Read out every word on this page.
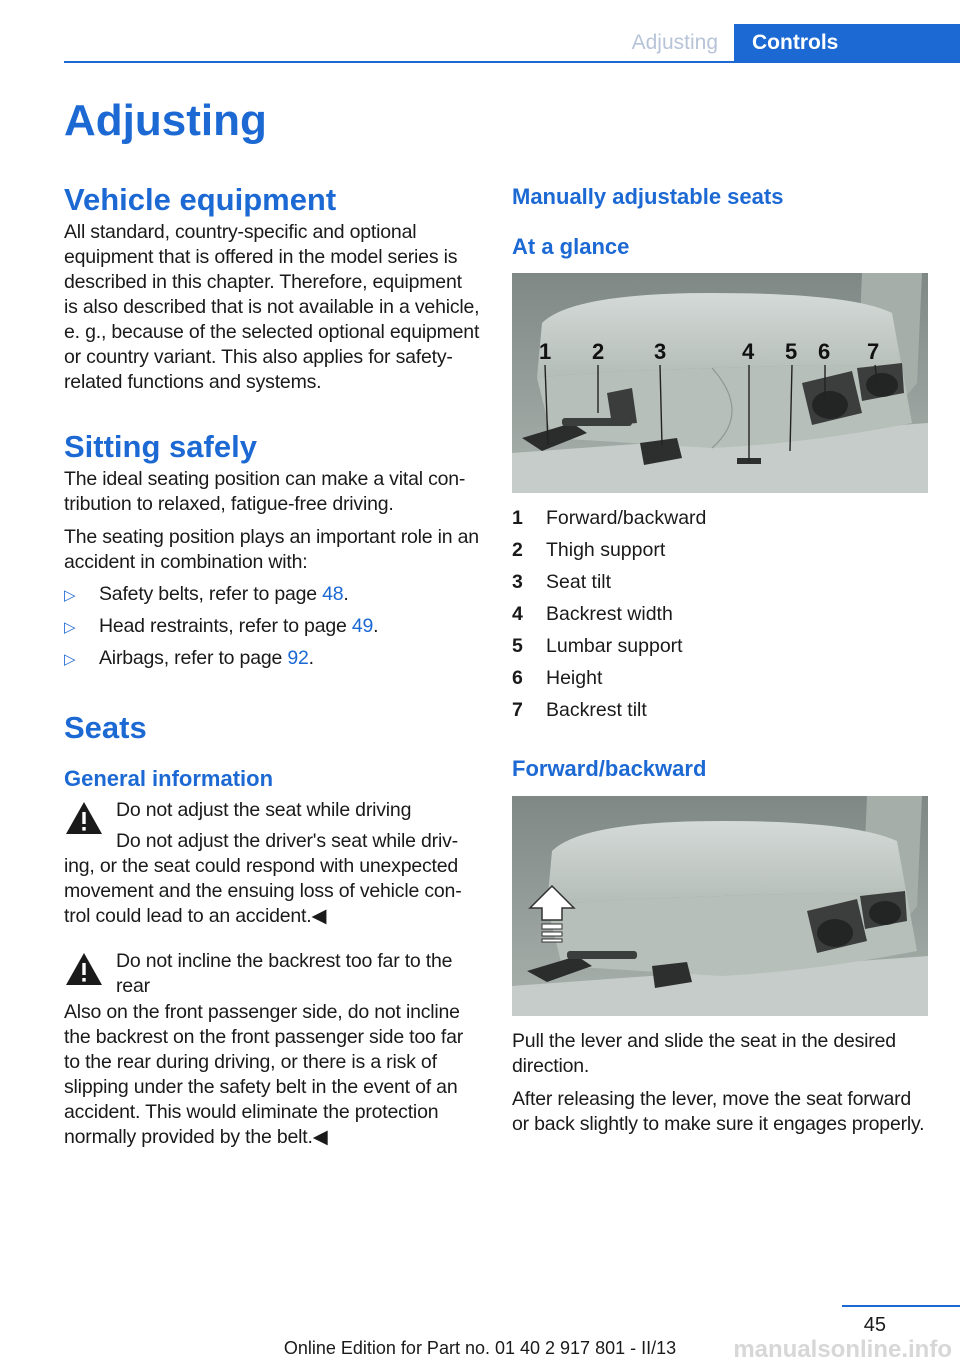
Adjusting	Controls
Adjusting
Vehicle equipment

All standard, country-specific and optional equipment that is offered in the model series is described in this chapter. Therefore, equipment is also described that is not available in a vehicle, e. g., because of the selected optional equipment or country variant. This also applies for safety-related functions and systems.

Sitting safely

The ideal seating position can make a vital contribution to relaxed, fatigue-free driving.

The seating position plays an important role in an accident in combination with:

▷ Safety belts, refer to page 48.
▷ Head restraints, refer to page 49.
▷ Airbags, refer to page 92.
Seats
General information

Do not adjust the seat while driving

Do not adjust the driver's seat while driving, or the seat could respond with unexpected movement and the ensuing loss of vehicle control could lead to an accident.◀

Do not incline the backrest too far to the rear

Also on the front passenger side, do not incline the backrest on the front passenger side too far to the rear during driving, or there is a risk of slipping under the safety belt in the event of an accident. This would eliminate the protection normally provided by the belt.◀

Manually adjustable seats
At a glance
1 2 3	4 5 6 7
1	Forward/backward
2	Thigh support
3	Seat tilt
4	Backrest width
5	Lumbar support
6	Height
7	Backrest tilt
Forward/backward

Pull the lever and slide the seat in the desired direction.

After releasing the lever, move the seat forward or back slightly to make sure it engages properly.

45
Online Edition for Part no. 01 40 2 917 801 - II/13	manualsonline.info
